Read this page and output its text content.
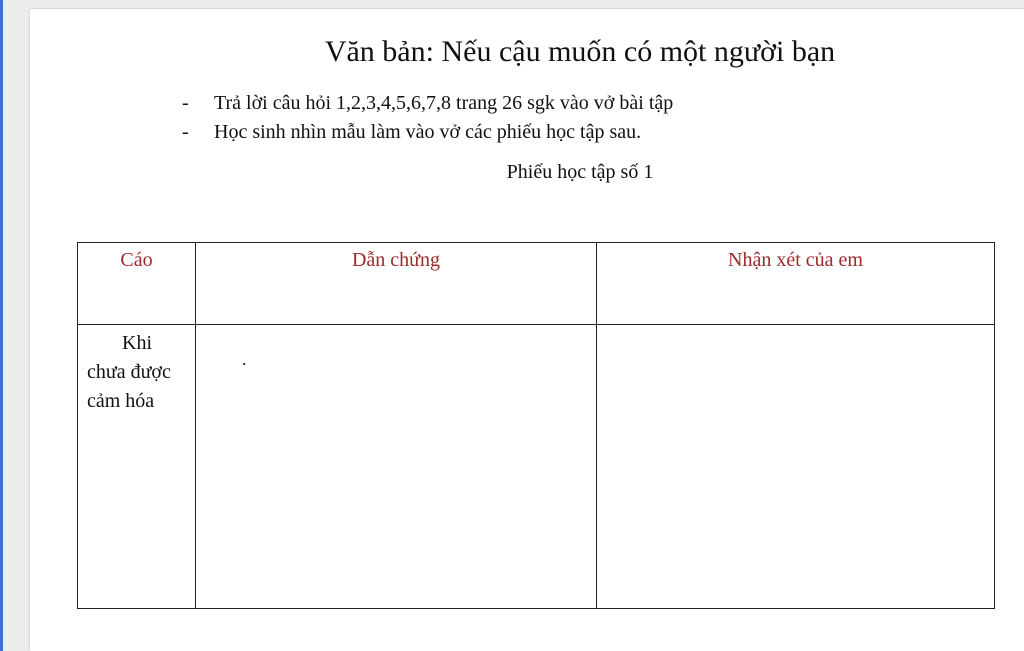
Văn bản: Nếu cậu muốn có một người bạn
- Trả lời câu hỏi 1,2,3,4,5,6,7,8 trang 26 sgk vào vở bài tập
- Học sinh nhìn mẫu làm vào vở các phiếu học tập sau.
Phiếu học tập số 1
Cáo	Dẫn chứng	Nhận xét của em

Khi
chưa được
cảm hóa	.	
